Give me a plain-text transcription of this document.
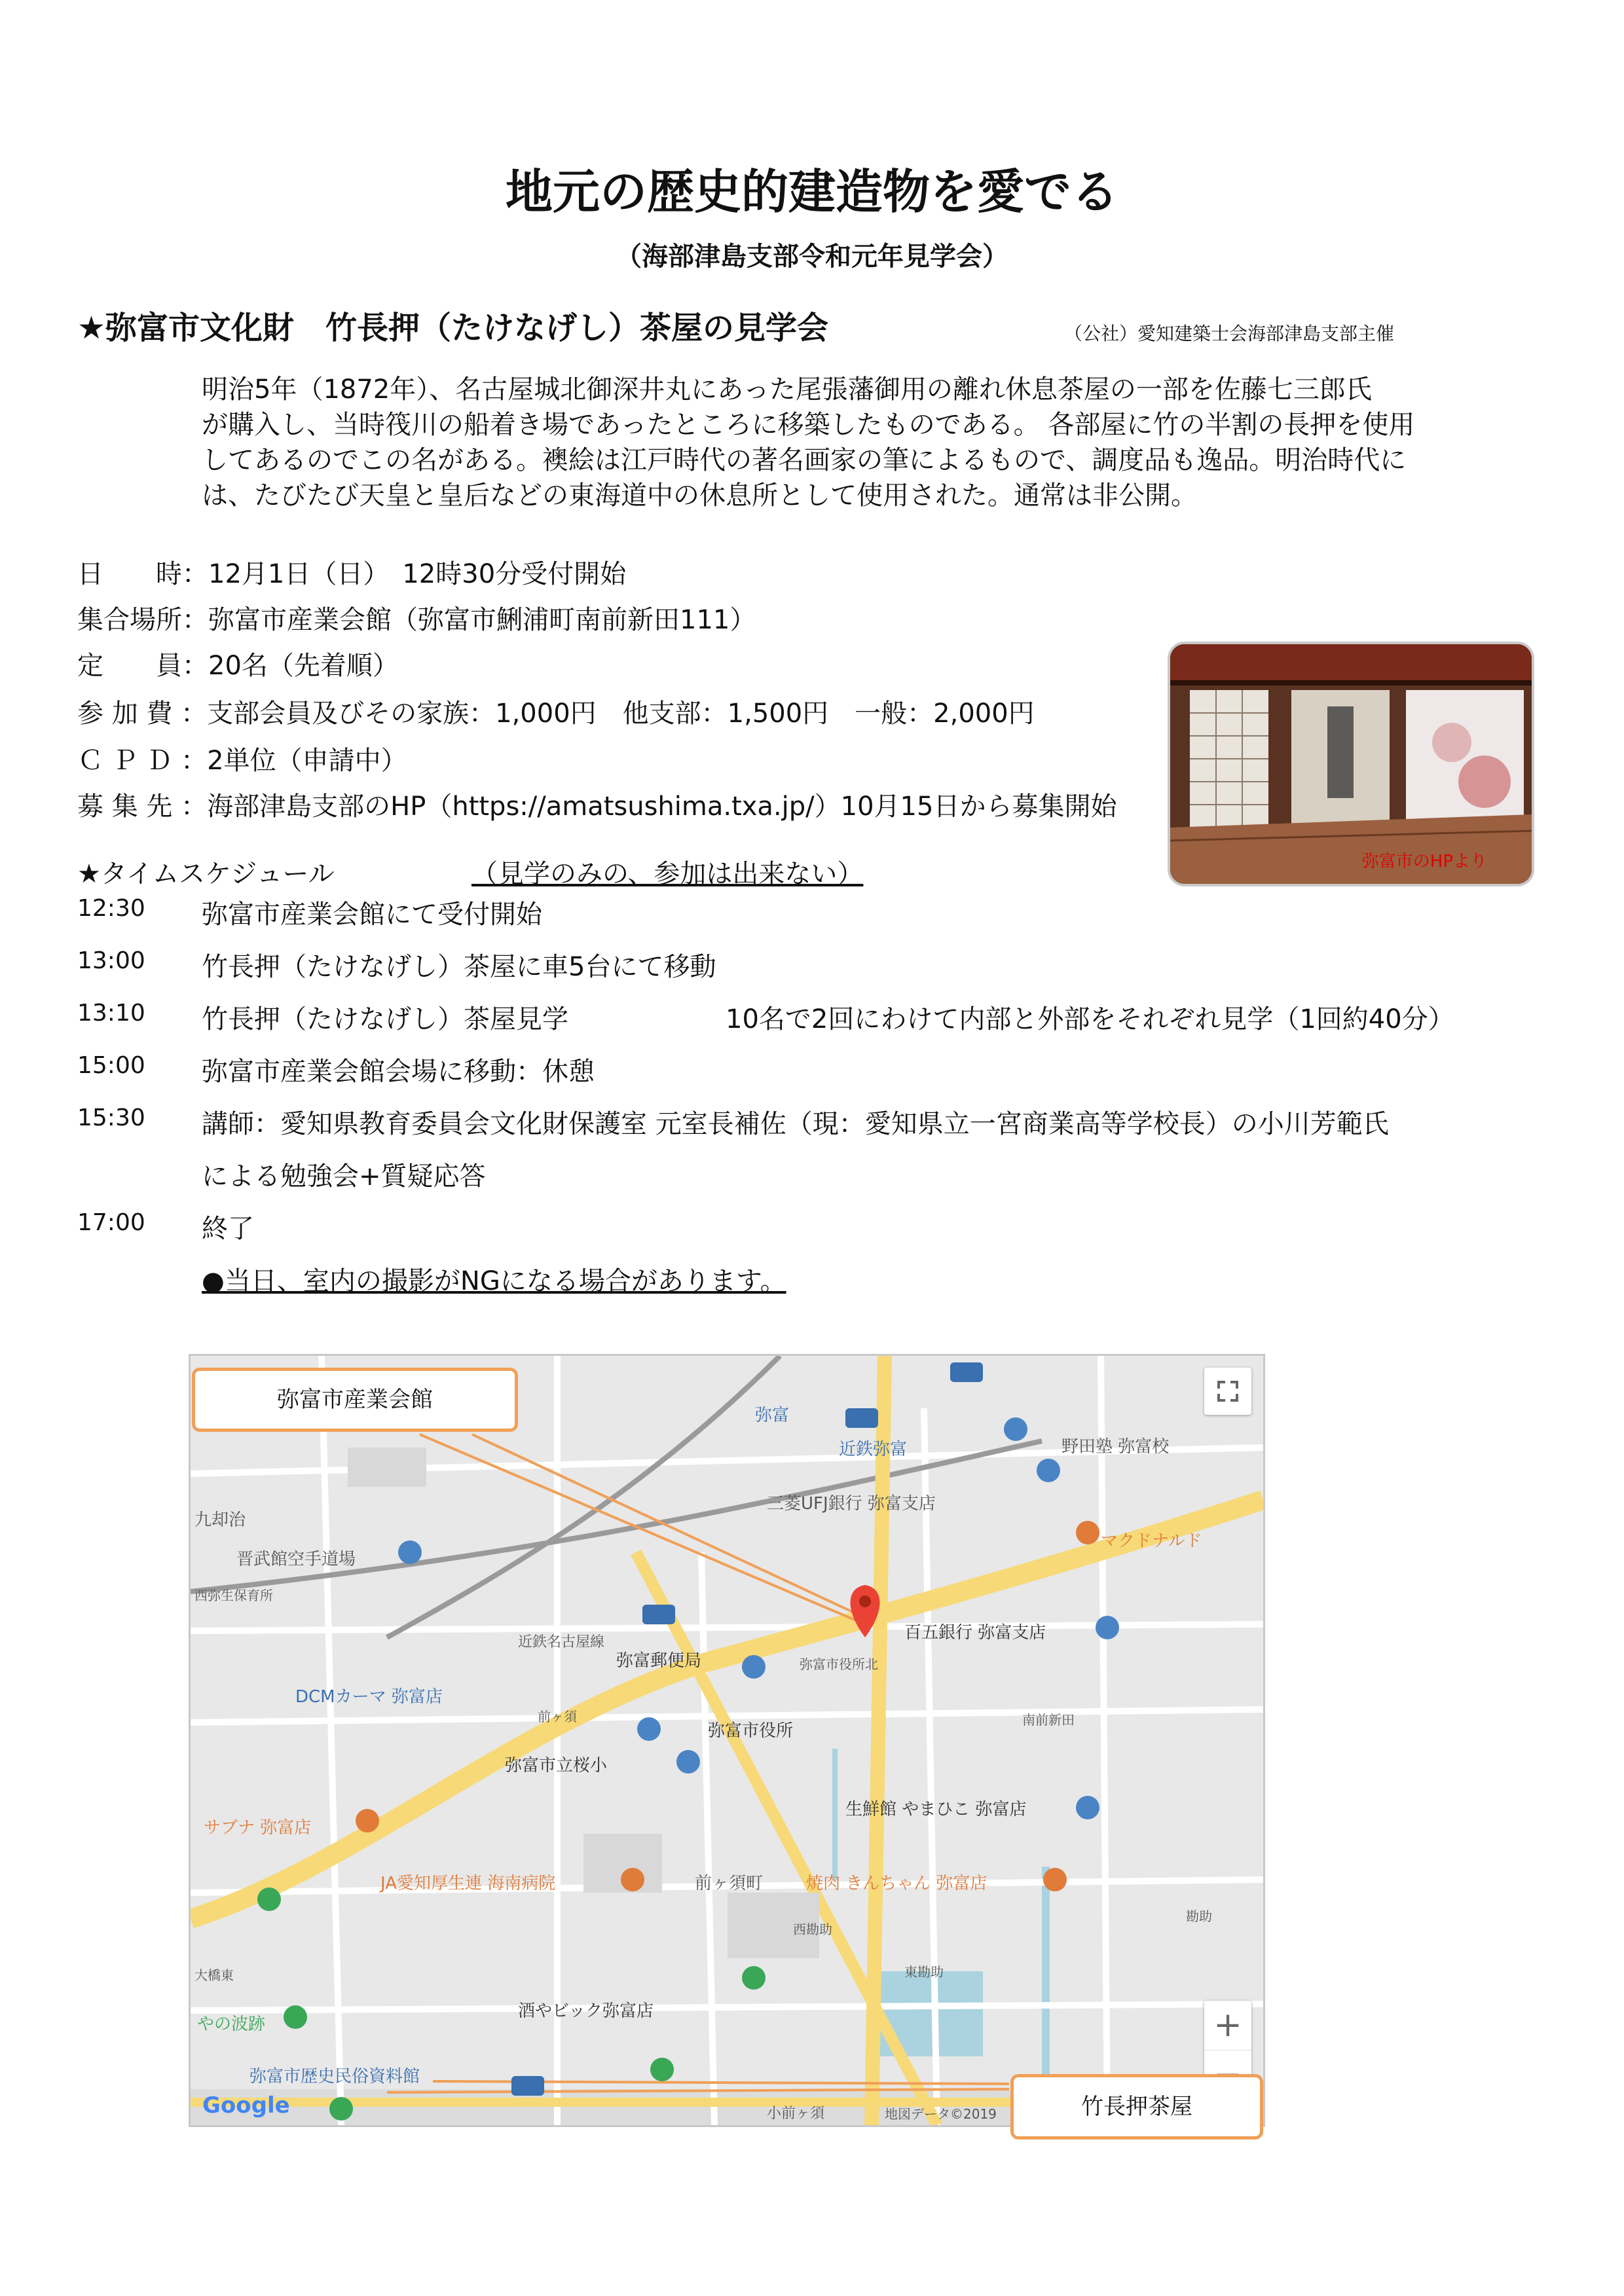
地元の歴史的建造物を愛でる
（海部津島支部令和元年見学会）
★弥富市文化財　竹長押（たけなげし）茶屋の見学会	（公社）愛知建築士会海部津島支部主催

明治5年（1872年）、名古屋城北御深井丸にあった尾張藩御用の離れ休息茶屋の一部を佐藤七三郎氏

が購入し、当時筏川の船着き場であったところに移築したものである。 各部屋に竹の半割の長押を使用

してあるのでこの名がある。襖絵は江戸時代の著名画家の筆によるもので、調度品も逸品。明治時代に

は、たびたび天皇と皇后などの東海道中の休息所として使用された。通常は非公開。

日　　時：12月1日（日）　12時30分受付開始
集合場所：弥富市産業会館（弥富市鯏浦町南前新田111）
定　　員：20名（先着順）
参 加 費 ：支部会員及びその家族：1,000円　他支部：1,500円　一般：2,000円
Ｃ Ｐ Ｄ ：2単位（申請中）
募 集 先 ：海部津島支部のHP（https://amatsushima.txa.jp/）10月15日から募集開始
弥富市のHPより
★タイムスケジュール	（見学のみの、参加は出来ない）
12:30 弥富市産業会館にて受付開始
13:00 竹長押（たけなげし）茶屋に車5台にて移動
13:10 竹長押（たけなげし）茶屋見学　　　　　　10名で2回にわけて内部と外部をそれぞれ見学（1回約40分）
15:00 弥富市産業会館会場に移動：休憩
15:30 講師：愛知県教育委員会文化財保護室 元室長補佐（現：愛知県立一宮商業高等学校長）の小川芳範氏
による勉強会+質疑応答
17:00 終了
●当日、室内の撮影がNGになる場合があります。
弥富
近鉄弥富	野田塾 弥富校
三菱UFJ銀行 弥富支店
九却治
晋武館空手道場
西弥生保育所
マクドナルド
近鉄名古屋線
弥富郵便局
百五銀行 弥富支店
弥富市役所北
DCMカーマ 弥富店
前ヶ須
弥富市役所
南前新田
弥富市立桜小
生鮮館 やまひこ 弥富店
サブナ 弥富店
JA愛知厚生連 海南病院	前ヶ須町	焼肉 きんちゃん 弥富店
西勘助
勘助
東勘助
大橋東
やの波跡
酒やビック弥富店
弥富市歴史民俗資料館
小前ヶ須	地図データ©2019
Google
+
弥富市産業会館
竹長押茶屋
